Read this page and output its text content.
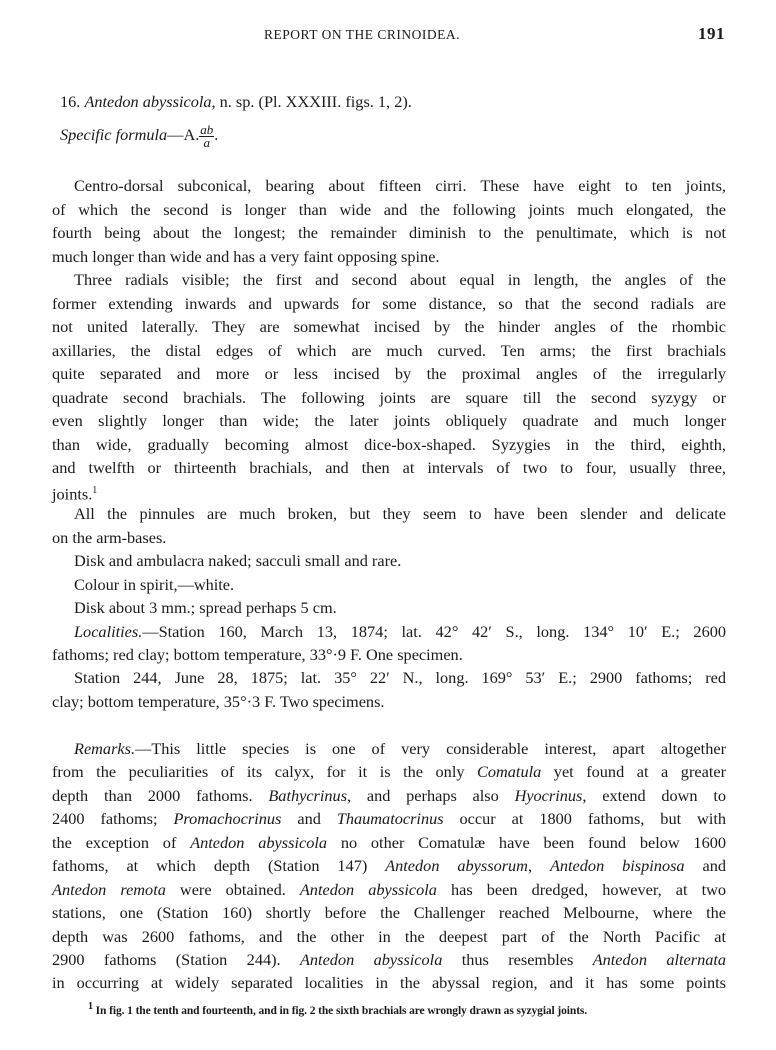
REPORT ON THE CRINOIDEA.	191
16. Antedon abyssicola, n. sp. (Pl. XXXIII. figs. 1, 2).
Specific formula—A. $\frac{ab}{a}$ .
Centro-dorsal subconical, bearing about fifteen cirri. These have eight to ten joints,
of which the second is longer than wide and the following joints much elongated, the
fourth being about the longest; the remainder diminish to the penultimate, which is not
much longer than wide and has a very faint opposing spine.
Three radials visible; the first and second about equal in length, the angles of the
former extending inwards and upwards for some distance, so that the second radials are
not united laterally. They are somewhat incised by the hinder angles of the rhombic
axillaries, the distal edges of which are much curved. Ten arms; the first brachials
quite separated and more or less incised by the proximal angles of the irregularly
quadrate second brachials. The following joints are square till the second syzygy or
even slightly longer than wide; the later joints obliquely quadrate and much longer
than wide, gradually becoming almost dice-box-shaped. Syzygies in the third, eighth,
and twelfth or thirteenth brachials, and then at intervals of two to four, usually three,
joints.$^1$
All the pinnules are much broken, but they seem to have been slender and delicate
on the arm-bases.
Disk and ambulacra naked; sacculi small and rare.
Colour in spirit,—white.
Disk about 3 mm.; spread perhaps 5 cm.
Localities.—Station 160, March 13, 1874; lat. 42° 42′ S., long. 134° 10′ E.; 2600
fathoms; red clay; bottom temperature, 33°·9 F. One specimen.
Station 244, June 28, 1875; lat. 35° 22′ N., long. 169° 53′ E.; 2900 fathoms; red
clay; bottom temperature, 35°·3 F. Two specimens.
Remarks.—This little species is one of very considerable interest, apart altogether
from the peculiarities of its calyx, for it is the only Comatula yet found at a greater
depth than 2000 fathoms. Bathycrinus, and perhaps also Hyocrinus, extend down to
2400 fathoms; Promachocrinus and Thaumatocrinus occur at 1800 fathoms, but with
the exception of Antedon abyssicola no other Comatulæ have been found below 1600
fathoms, at which depth (Station 147) Antedon abyssorum, Antedon bispinosa and
Antedon remota were obtained. Antedon abyssicola has been dredged, however, at two
stations, one (Station 160) shortly before the Challenger reached Melbourne, where the
depth was 2600 fathoms, and the other in the deepest part of the North Pacific at
2900 fathoms (Station 244). Antedon abyssicola thus resembles Antedon alternata
in occurring at widely separated localities in the abyssal region, and it has some points
$^1$ In fig. 1 the tenth and fourteenth, and in fig. 2 the sixth brachials are wrongly drawn as syzygial joints.
